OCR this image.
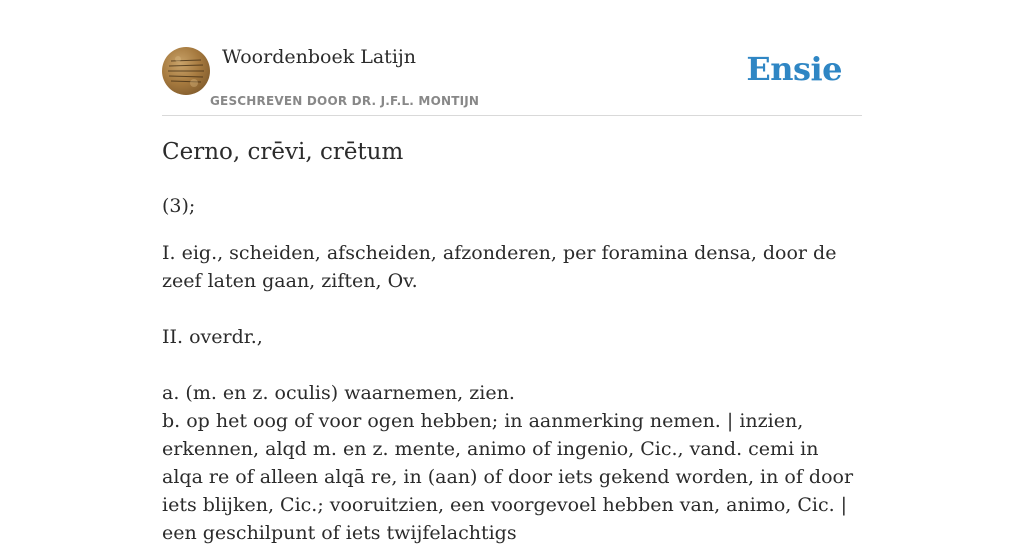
Woordenboek Latijn
GESCHREVEN DOOR DR. J.F.L. MONTIJN
Ensie
Cerno, crēvi, crētum

(3);

I. eig., scheiden, afscheiden, afzonderen, per foramina densa, door de zeef laten gaan, ziften, Ov.

II. overdr.,

a. (m. en z. oculis) waarnemen, zien.

b. op het oog of voor ogen hebben; in aanmerking nemen. | inzien, erkennen, alqd m. en z. mente, animo of ingenio, Cic., vand. cemi in alqa re of alleen alqā re, in (aan) of door iets gekend worden, in of door iets blijken, Cic.; vooruitzien, een voorgevoel hebben van, animo, Cic. | een geschilpunt of iets twijfelachtigs
